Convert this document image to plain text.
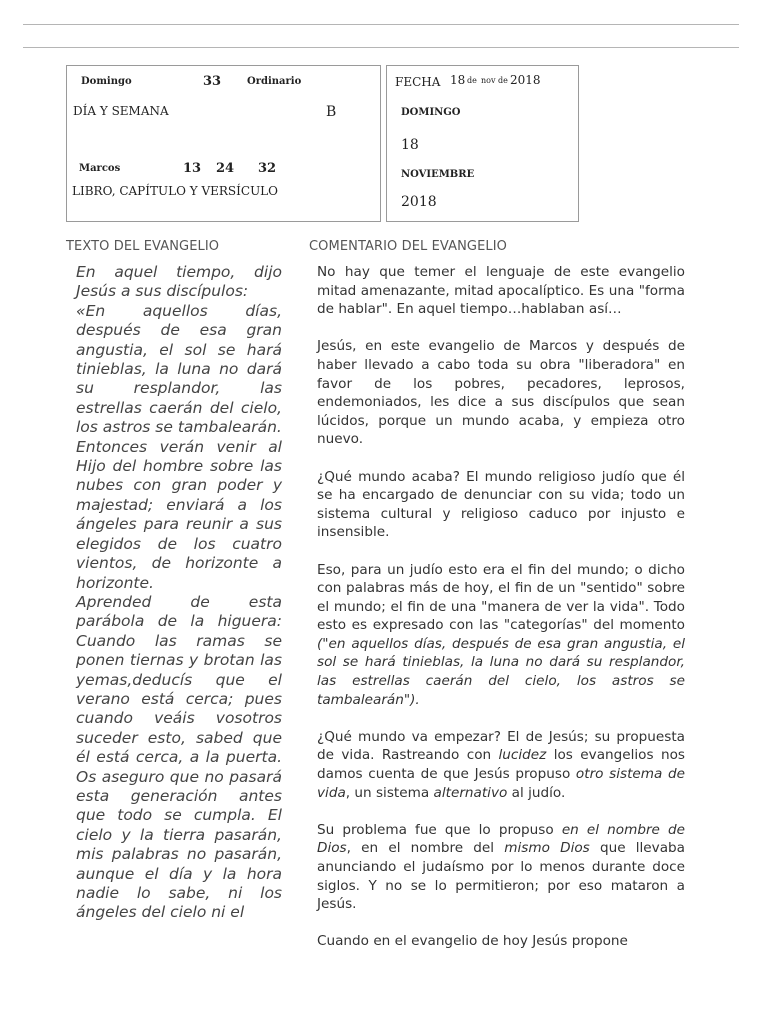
Domingo	33	Ordinario
DÍA Y SEMANA	B
Marcos	13 24 32
LIBRO, CAPÍTULO Y VERSÍCULO
FECHA 18 de nov de 2018
DOMINGO
18
NOVIEMBRE
2018
TEXTO DEL EVANGELIO	COMENTARIO DEL EVANGELIO

En aquel tiempo, dijo Jesús a sus discípulos:

«En aquellos días, después de esa gran angustia, el sol se hará tinieblas, la luna no dará su resplandor, las estrellas caerán del cielo, los astros se tambalearán.

Entonces verán venir al Hijo del hombre sobre las nubes con gran poder y majestad; enviará a los ángeles para reunir a sus elegidos de los cuatro vientos, de horizonte a horizonte.

Aprended de esta parábola de la higuera: Cuando las ramas se ponen tiernas y brotan las yemas,deducís que el verano está cerca; pues cuando veáis vosotros suceder esto, sabed que él está cerca, a la puerta. Os aseguro que no pasará esta generación antes que todo se cumpla. El cielo y la tierra pasarán, mis palabras no pasarán, aunque el día y la hora nadie lo sabe, ni los ángeles del cielo ni el

No hay que temer el lenguaje de este evangelio mitad amenazante, mitad apocalíptico. Es una "forma de hablar". En aquel tiempo…hablaban así…

Jesús, en este evangelio de Marcos y después de haber llevado a cabo toda su obra "liberadora" en favor de los pobres, pecadores, leprosos, endemoniados, les dice a sus discípulos que sean lúcidos, porque un mundo acaba, y empieza otro nuevo.

¿Qué mundo acaba? El mundo religioso judío que él se ha encargado de denunciar con su vida; todo un sistema cultural y religioso caduco por injusto e insensible.

Eso, para un judío esto era el fin del mundo; o dicho con palabras más de hoy, el fin de un "sentido" sobre el mundo; el fin de una "manera de ver la vida". Todo esto es expresado con las "categorías" del momento ("en aquellos días, después de esa gran angustia, el sol se hará tinieblas, la luna no dará su resplandor, las estrellas caerán del cielo, los astros se tambalearán").

¿Qué mundo va empezar? El de Jesús; su propuesta de vida. Rastreando con lucidez los evangelios nos damos cuenta de que Jesús propuso otro sistema de vida, un sistema alternativo al judío.

Su problema fue que lo propuso en el nombre de Dios, en el nombre del mismo Dios que llevaba anunciando el judaísmo por lo menos durante doce siglos. Y no se lo permitieron; por eso mataron a Jesús.

Cuando en el evangelio de hoy Jesús propone
